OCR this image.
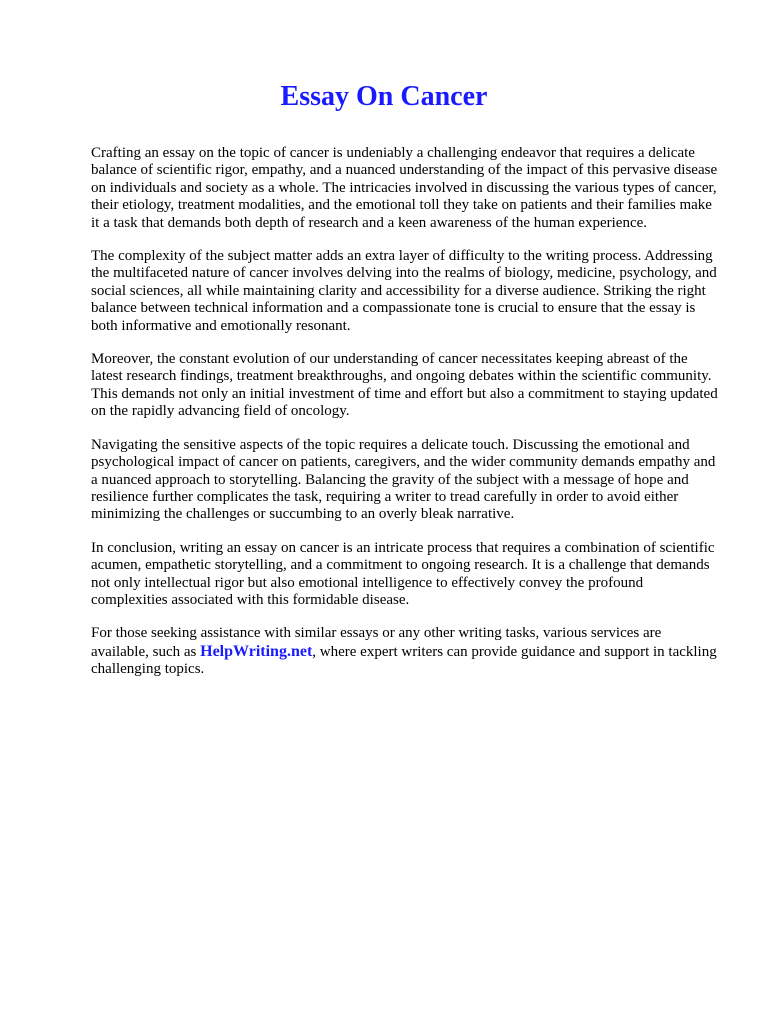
Essay On Cancer

Crafting an essay on the topic of cancer is undeniably a challenging endeavor that requires a delicate balance of scientific rigor, empathy, and a nuanced understanding of the impact of this pervasive disease on individuals and society as a whole. The intricacies involved in discussing the various types of cancer, their etiology, treatment modalities, and the emotional toll they take on patients and their families make it a task that demands both depth of research and a keen awareness of the human experience.

The complexity of the subject matter adds an extra layer of difficulty to the writing process. Addressing the multifaceted nature of cancer involves delving into the realms of biology, medicine, psychology, and social sciences, all while maintaining clarity and accessibility for a diverse audience. Striking the right balance between technical information and a compassionate tone is crucial to ensure that the essay is both informative and emotionally resonant.

Moreover, the constant evolution of our understanding of cancer necessitates keeping abreast of the latest research findings, treatment breakthroughs, and ongoing debates within the scientific community. This demands not only an initial investment of time and effort but also a commitment to staying updated on the rapidly advancing field of oncology.

Navigating the sensitive aspects of the topic requires a delicate touch. Discussing the emotional and psychological impact of cancer on patients, caregivers, and the wider community demands empathy and a nuanced approach to storytelling. Balancing the gravity of the subject with a message of hope and resilience further complicates the task, requiring a writer to tread carefully in order to avoid either minimizing the challenges or succumbing to an overly bleak narrative.

In conclusion, writing an essay on cancer is an intricate process that requires a combination of scientific acumen, empathetic storytelling, and a commitment to ongoing research. It is a challenge that demands not only intellectual rigor but also emotional intelligence to effectively convey the profound complexities associated with this formidable disease.

For those seeking assistance with similar essays or any other writing tasks, various services are available, such as HelpWriting.net, where expert writers can provide guidance and support in tackling challenging topics.
